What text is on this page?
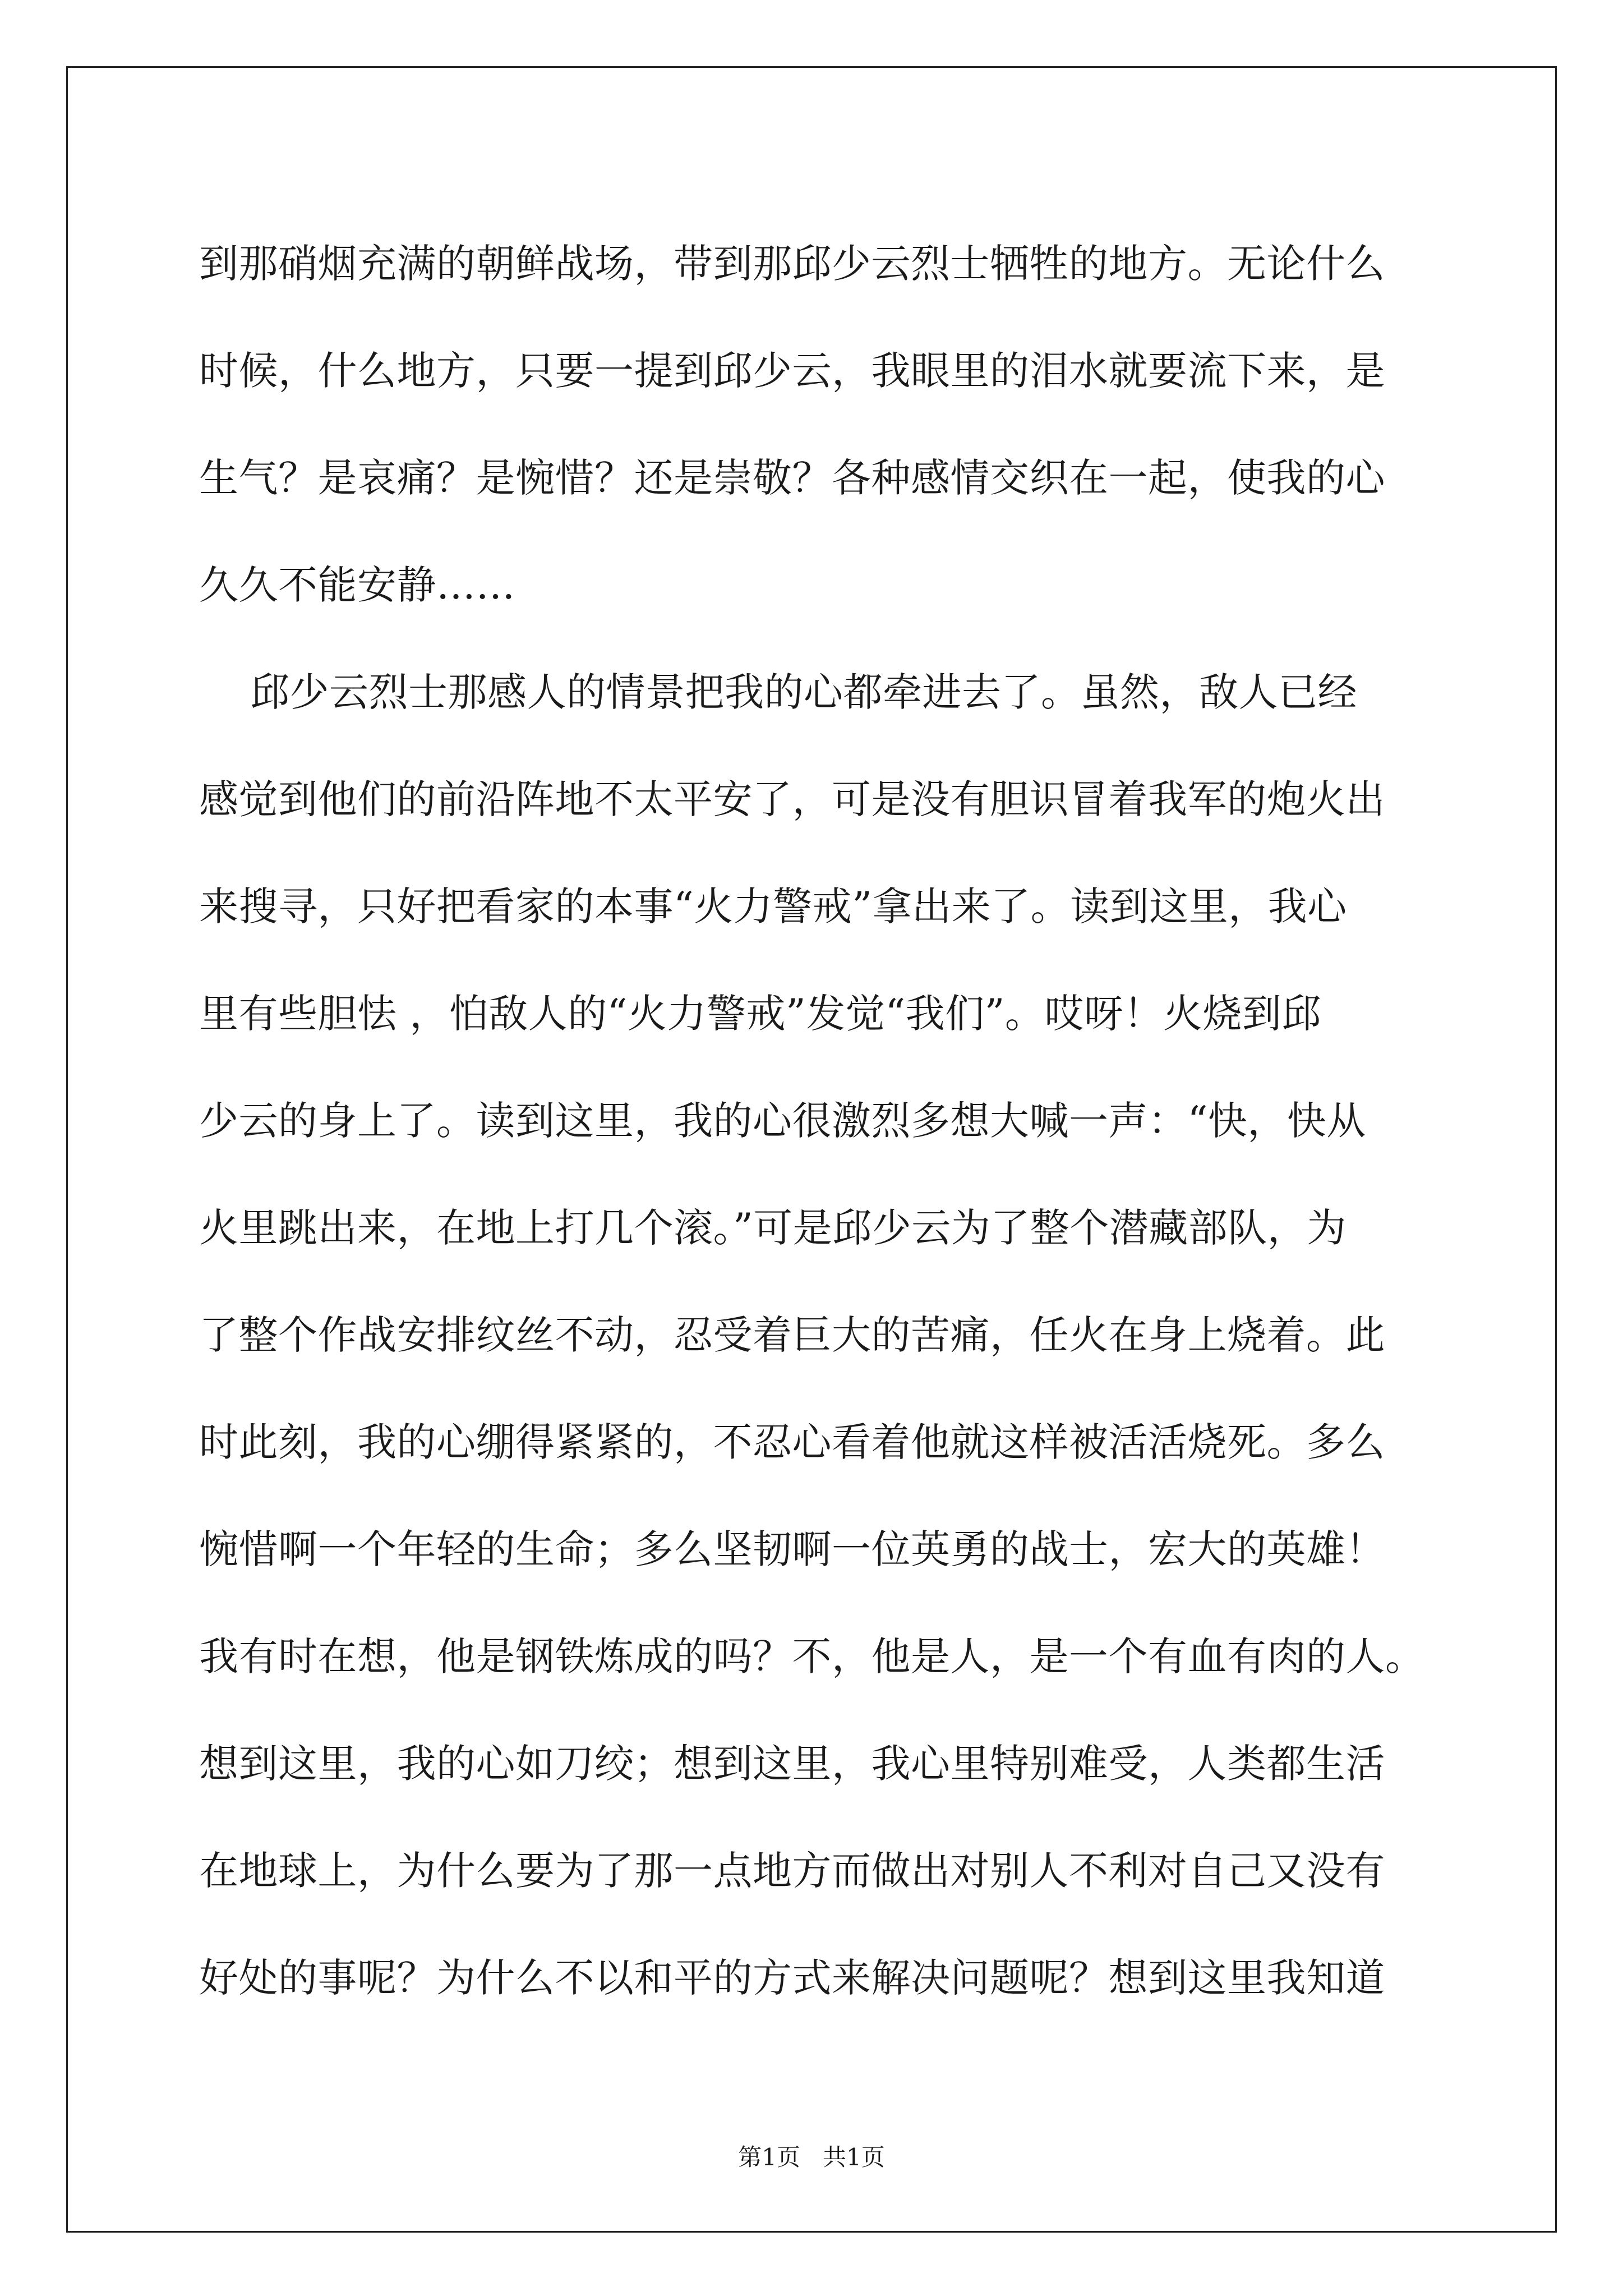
到那硝烟充满的朝鲜战场，带到那邱少云烈士牺牲的地方。无论什么
时候，什么地方，只要一提到邱少云，我眼里的泪水就要流下来，是
生气？是哀痛？是惋惜？还是崇敬？各种感情交织在一起，使我的心
久久不能安静……
邱少云烈士那感人的情景把我的心都牵进去了。虽然，敌人已经
感觉到他们的前沿阵地不太平安了，可是没有胆识冒着我军的炮火出
来搜寻，只好把看家的本事“火力警戒”拿出来了。读到这里，我心
里有些胆怯 ，怕敌人的“火力警戒”发觉“我们”。哎呀！火烧到邱
少云的身上了。读到这里，我的心很激烈多想大喊一声：“快，快从
火里跳出来，在地上打几个滚。”可是邱少云为了整个潜藏部队，为
了整个作战安排纹丝不动，忍受着巨大的苦痛，任火在身上烧着。此
时此刻，我的心绷得紧紧的，不忍心看着他就这样被活活烧死。多么
惋惜啊一个年轻的生命；多么坚韧啊一位英勇的战士，宏大的英雄！
我有时在想，他是钢铁炼成的吗？不，他是人，是一个有血有肉的人。
想到这里，我的心如刀绞；想到这里，我心里特别难受，人类都生活
在地球上，为什么要为了那一点地方而做出对别人不利对自己又没有
好处的事呢？为什么不以和平的方式来解决问题呢？想到这里我知道
第1页   共1页
